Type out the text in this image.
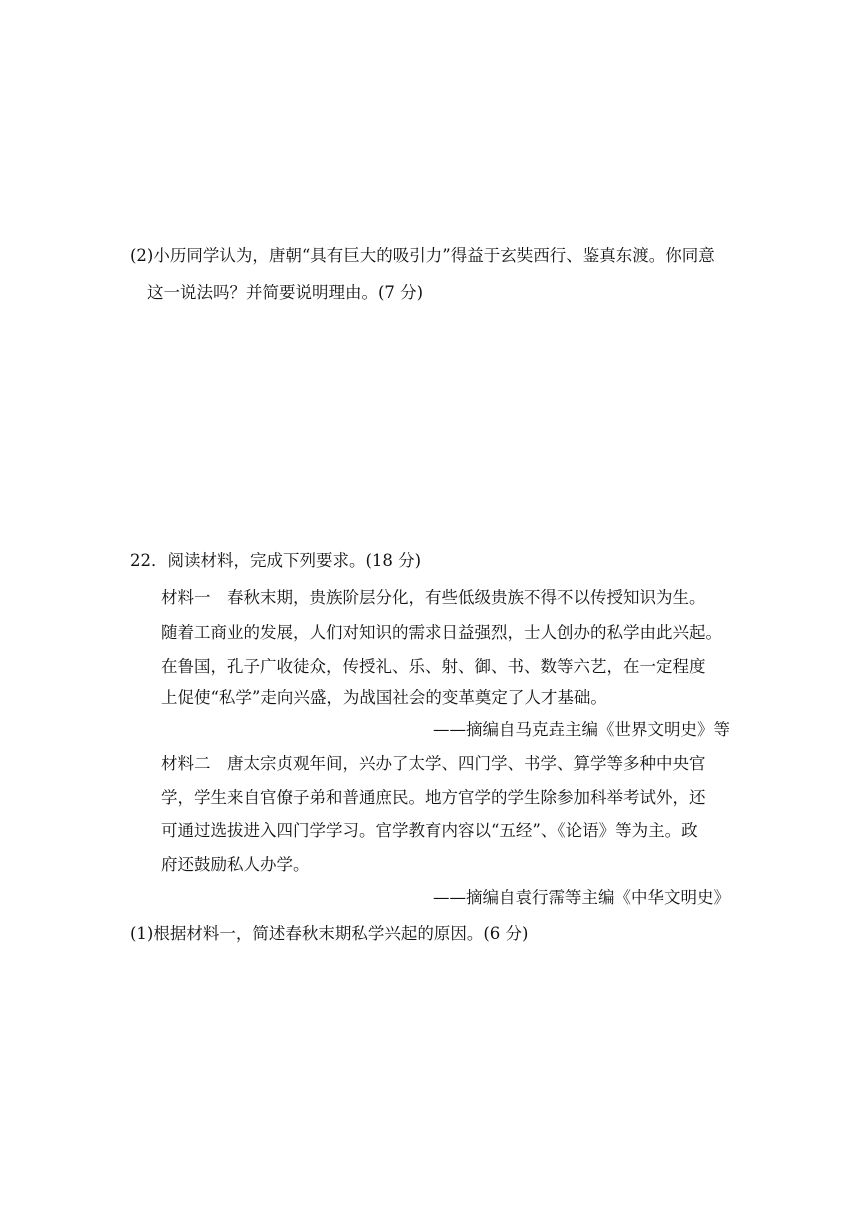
(2)小历同学认为，唐朝“具有巨大的吸引力”得益于玄奘西行、鉴真东渡。你同意
这一说法吗？并简要说明理由。(7 分)
22．阅读材料，完成下列要求。(18 分)
材料一　春秋末期，贵族阶层分化，有些低级贵族不得不以传授知识为生。
随着工商业的发展，人们对知识的需求日益强烈，士人创办的私学由此兴起。
在鲁国，孔子广收徒众，传授礼、乐、射、御、书、数等六艺，在一定程度
上促使“私学”走向兴盛，为战国社会的变革奠定了人才基础。
——摘编自马克垚主编《世界文明史》等
材料二　唐太宗贞观年间，兴办了太学、四门学、书学、算学等多种中央官
学，学生来自官僚子弟和普通庶民。地方官学的学生除参加科举考试外，还
可通过选拔进入四门学学习。官学教育内容以“五经”、《论语》等为主。政
府还鼓励私人办学。
——摘编自袁行霈等主编《中华文明史》
(1)根据材料一，简述春秋末期私学兴起的原因。(6 分)
